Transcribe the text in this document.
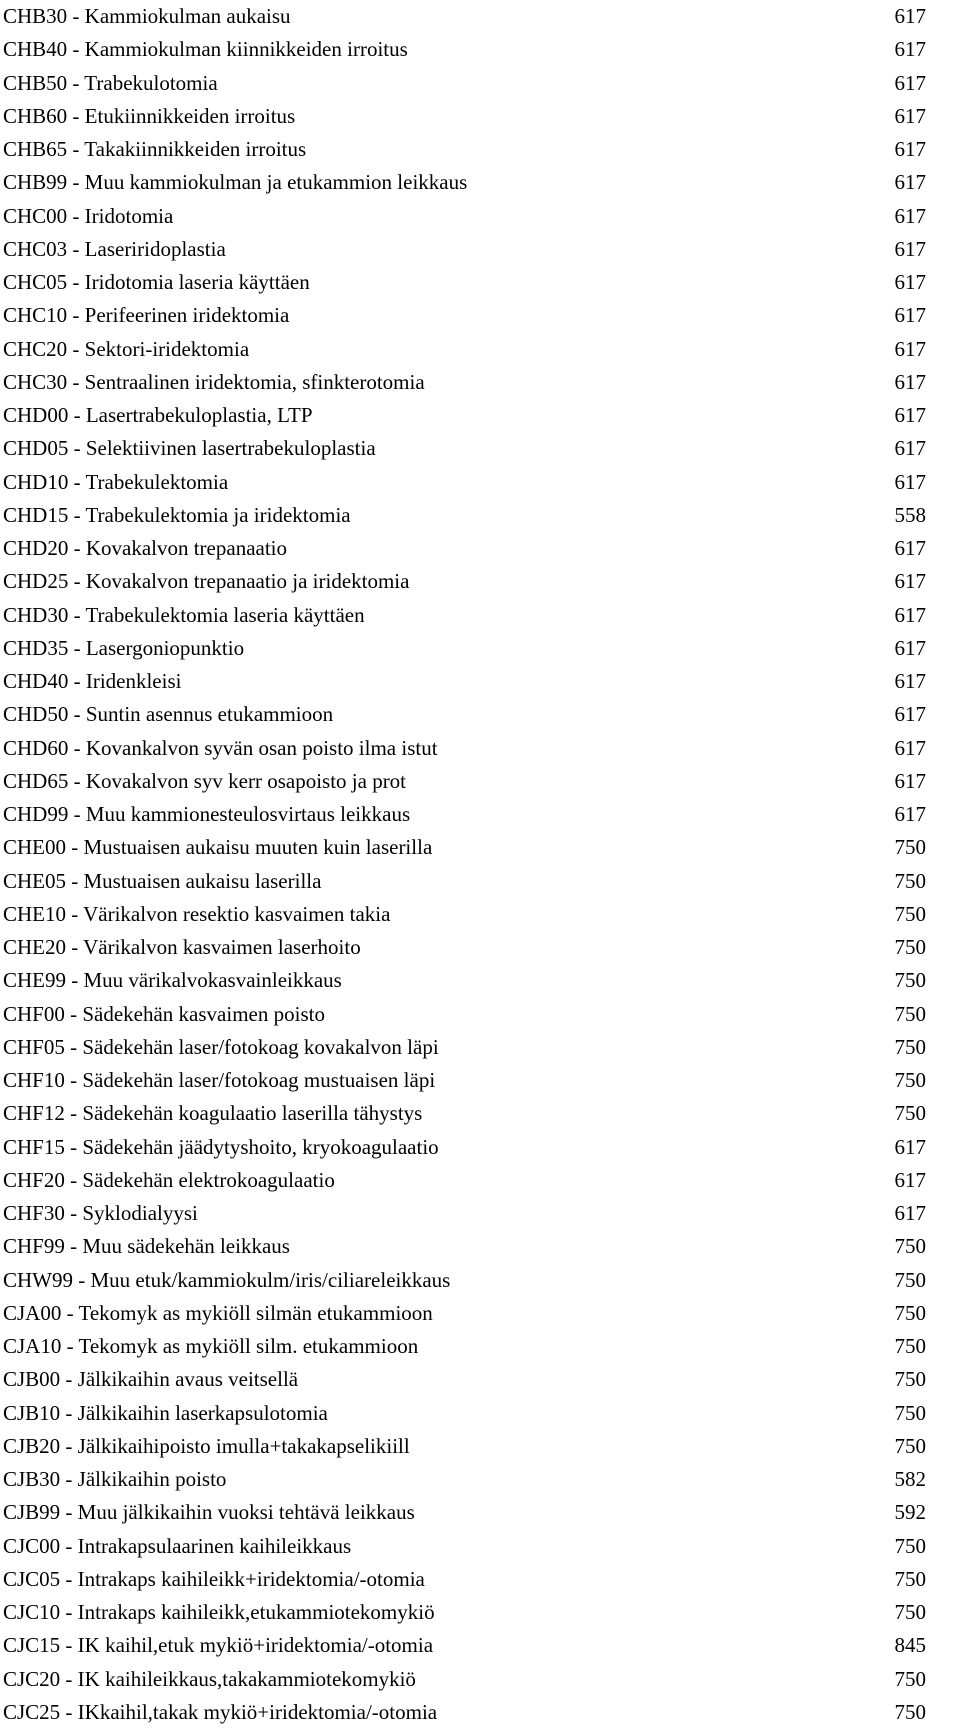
CHB30 - Kammiokulman aukaisu	617
CHB40 - Kammiokulman kiinnikkeiden irroitus	617
CHB50 - Trabekulotomia	617
CHB60 - Etukiinnikkeiden irroitus	617
CHB65 - Takakiinnikkeiden irroitus	617
CHB99 - Muu kammiokulman ja etukammion leikkaus	617
CHC00 - Iridotomia	617
CHC03 - Laseriridoplastia	617
CHC05 - Iridotomia laseria käyttäen	617
CHC10 - Perifeerinen iridektomia	617
CHC20 - Sektori-iridektomia	617
CHC30 - Sentraalinen iridektomia, sfinkterotomia	617
CHD00 - Lasertrabekuloplastia, LTP	617
CHD05 - Selektiivinen lasertrabekuloplastia	617
CHD10 - Trabekulektomia	617
CHD15 - Trabekulektomia ja iridektomia	558
CHD20 - Kovakalvon trepanaatio	617
CHD25 - Kovakalvon trepanaatio ja iridektomia	617
CHD30 - Trabekulektomia laseria käyttäen	617
CHD35 - Lasergoniopunktio	617
CHD40 - Iridenkleisi	617
CHD50 - Suntin asennus etukammioon	617
CHD60 - Kovankalvon syvän osan poisto ilma istut	617
CHD65 - Kovakalvon syv kerr osapoisto ja prot	617
CHD99 - Muu kammionesteulosvirtaus leikkaus	617
CHE00 - Mustuaisen aukaisu muuten kuin laserilla	750
CHE05 - Mustuaisen aukaisu laserilla	750
CHE10 - Värikalvon resektio kasvaimen takia	750
CHE20 - Värikalvon kasvaimen laserhoito	750
CHE99 - Muu värikalvokasvainleikkaus	750
CHF00 - Sädekehän kasvaimen poisto	750
CHF05 - Sädekehän laser/fotokoag kovakalvon läpi	750
CHF10 - Sädekehän laser/fotokoag mustuaisen läpi	750
CHF12 - Sädekehän koagulaatio laserilla tähystys	750
CHF15 - Sädekehän jäädytyshoito, kryokoagulaatio	617
CHF20 - Sädekehän elektrokoagulaatio	617
CHF30 - Syklodialyysi	617
CHF99 - Muu sädekehän leikkaus	750
CHW99 - Muu etuk/kammiokulm/iris/ciliareleikkaus	750
CJA00 - Tekomyk as mykiöll silmän etukammioon	750
CJA10 - Tekomyk as mykiöll silm. etukammioon	750
CJB00 - Jälkikaihin avaus veitsellä	750
CJB10 - Jälkikaihin laserkapsulotomia	750
CJB20 - Jälkikaihipoisto imulla+takakapselikiill	750
CJB30 - Jälkikaihin poisto	582
CJB99 - Muu jälkikaihin vuoksi tehtävä leikkaus	592
CJC00 - Intrakapsulaarinen kaihileikkaus	750
CJC05 - Intrakaps kaihileikk+iridektomia/-otomia	750
CJC10 - Intrakaps kaihileikk,etukammiotekomykiö	750
CJC15 - IK kaihil,etuk mykiö+iridektomia/-otomia	845
CJC20 - IK kaihileikkaus,takakammiotekomykiö	750
CJC25 - IKkaihil,takak mykiö+iridektomia/-otomia	750
